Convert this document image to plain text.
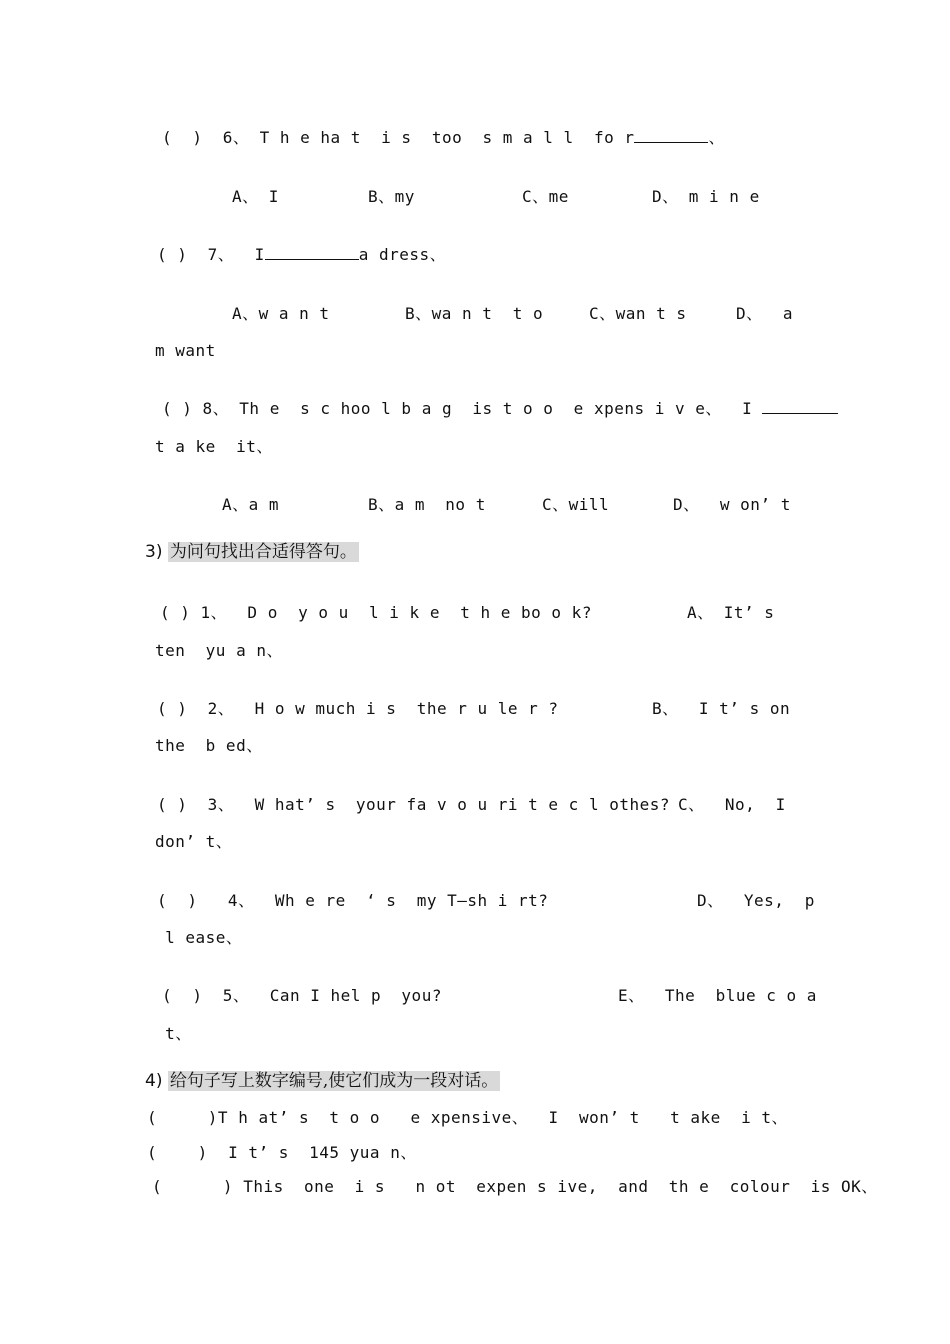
(  )  6、 T h e ha t  i s  too  s m a l l  fo r	、
A、 I	B、my	C、me	D、 m i n e
( )  7、  I	a dress、
A、w a n t	B、wa n t  t o	C、wan t s	D、  a
m want
( ) 8、 Th e  s c hoo l b a g  is t o o  e xpens i v e、  I
t a ke  it、
A、a m	B、a m  no t	C、will	D、  w on’ t
3) 为问句找出合适得答句。
( ) 1、  D o  y o u  l i k e  t h e bo o k?	A、 It’ s
ten  yu a n、
( )  2、  H o w much i s  the r u le r ?	B、  I t’ s on
the  b ed、
( )  3、  W hat’ s  your fa v o u ri t e c l othes? C、  No,  I
don’ t、
(  )   4、  Wh e re  ‘ s  my T—sh i rt?	D、  Yes,  p
l ease、
(  )  5、  Can I hel p  you?	E、  The  blue c o a
t、
4) 给句子写上数字编号,使它们成为一段对话。
(     )T h at’ s  t o o   e xpensive、  I  won’ t   t ake  i t、
(    )  I t’ s  145 yua n、
(      ) This  one  i s   n ot  expen s ive,  and  th e  colour  is OK、
